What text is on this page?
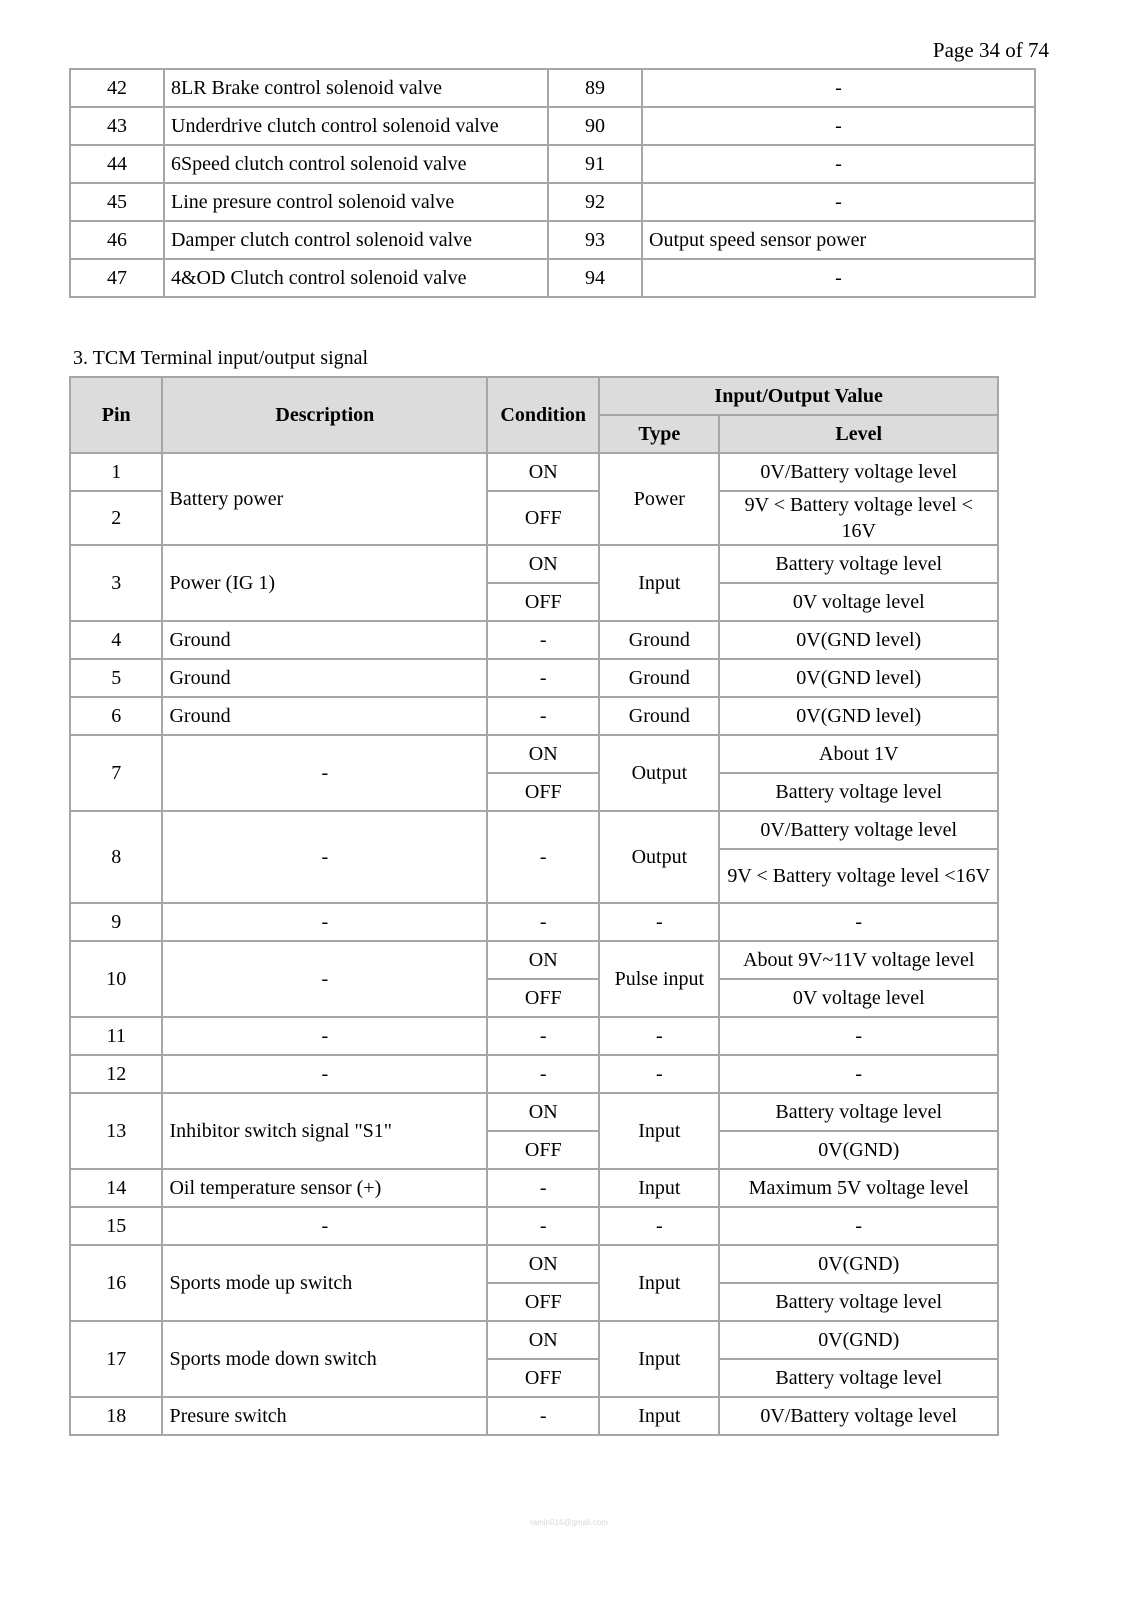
Page 34 of 74
42	8LR Brake control solenoid valve	89	-
43	Underdrive clutch control solenoid valve	90	-
44	6Speed clutch control solenoid valve	91	-
45	Line presure control solenoid valve	92	-
46	Damper clutch control solenoid valve	93	Output speed sensor power
47	4&OD Clutch control solenoid valve	94	-
3. TCM Terminal input/output signal
Pin	Description	Condition	Input/Output Value	
			Type	Level
1	Battery power	ON	Power	0V/Battery voltage level
2		OFF		9V < Battery voltage level < 16V
3	Power (IG 1)	ON	Input	Battery voltage level
		OFF		0V voltage level
4	Ground	-	Ground	0V(GND level)
5	Ground	-	Ground	0V(GND level)
6	Ground	-	Ground	0V(GND level)
7	-	ON	Output	About 1V
		OFF		Battery voltage level
8	-	-	Output	0V/Battery voltage level
				9V < Battery voltage level <16V
9	-	-	-	-
10	-	ON	Pulse input	About 9V~11V voltage level
		OFF		0V voltage level
11	-	-	-	-
12	-	-	-	-
13	Inhibitor switch signal "S1"	ON	Input	Battery voltage level
		OFF		0V(GND)
14	Oil temperature sensor (+)	-	Input	Maximum 5V voltage level
15	-	-	-	-
16	Sports mode up switch	ON	Input	0V(GND)
		OFF		Battery voltage level
17	Sports mode down switch	ON	Input	0V(GND)
		OFF		Battery voltage level
18	Presure switch	-	Input	0V/Battery voltage level
ramin014@gmail.com
